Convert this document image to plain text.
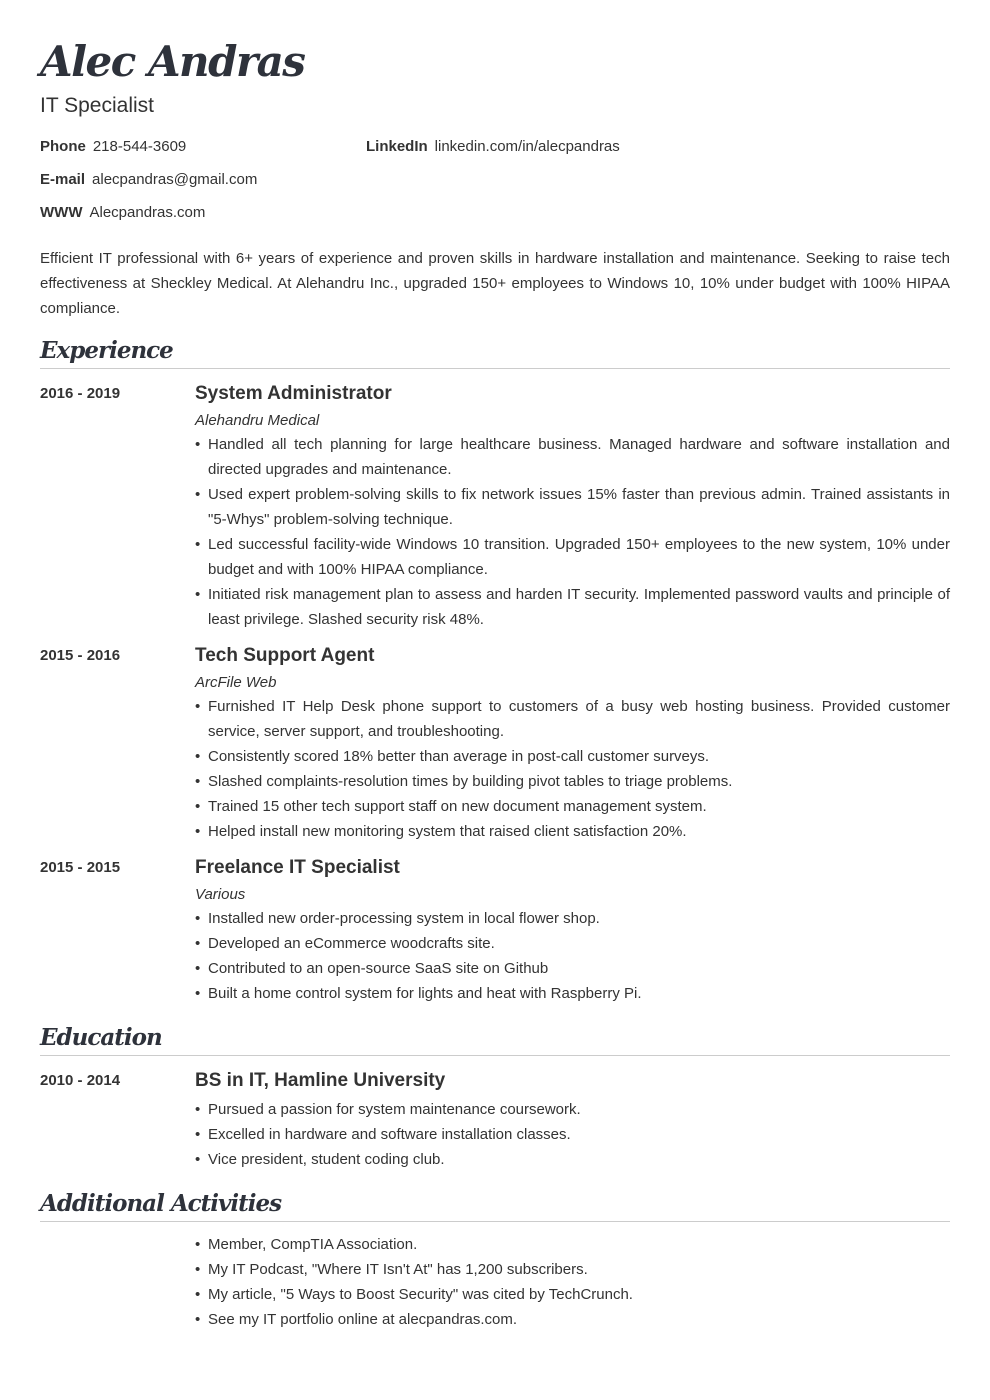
Alec Andras
IT Specialist
Phone 218-544-3609	LinkedIn linkedin.com/in/alecpandras
E-mail alecpandras@gmail.com
WWW Alecpandras.com
Efficient IT professional with 6+ years of experience and proven skills in hardware installation and maintenance. Seeking to raise tech effectiveness at Sheckley Medical. At Alehandru Inc., upgraded 150+ employees to Windows 10, 10% under budget with 100% HIPAA compliance.
Experience
2016 - 2019	System Administrator
Alehandru Medical
• Handled all tech planning for large healthcare business. Managed hardware and software installation and directed upgrades and maintenance.
• Used expert problem-solving skills to fix network issues 15% faster than previous admin. Trained assistants in "5-Whys" problem-solving technique.
• Led successful facility-wide Windows 10 transition. Upgraded 150+ employees to the new system, 10% under budget and with 100% HIPAA compliance.
• Initiated risk management plan to assess and harden IT security. Implemented password vaults and principle of least privilege. Slashed security risk 48%.
2015 - 2016	Tech Support Agent
ArcFile Web
• Furnished IT Help Desk phone support to customers of a busy web hosting business. Provided customer service, server support, and troubleshooting.
• Consistently scored 18% better than average in post-call customer surveys.
• Slashed complaints-resolution times by building pivot tables to triage problems.
• Trained 15 other tech support staff on new document management system.
• Helped install new monitoring system that raised client satisfaction 20%.
2015 - 2015	Freelance IT Specialist
Various
• Installed new order-processing system in local flower shop.
• Developed an eCommerce woodcrafts site.
• Contributed to an open-source SaaS site on Github
• Built a home control system for lights and heat with Raspberry Pi.
Education
2010 - 2014	BS in IT, Hamline University
• Pursued a passion for system maintenance coursework.
• Excelled in hardware and software installation classes.
• Vice president, student coding club.
Additional Activities
• Member, CompTIA Association.
• My IT Podcast, "Where IT Isn't At" has 1,200 subscribers.
• My article, "5 Ways to Boost Security" was cited by TechCrunch.
• See my IT portfolio online at alecpandras.com.
